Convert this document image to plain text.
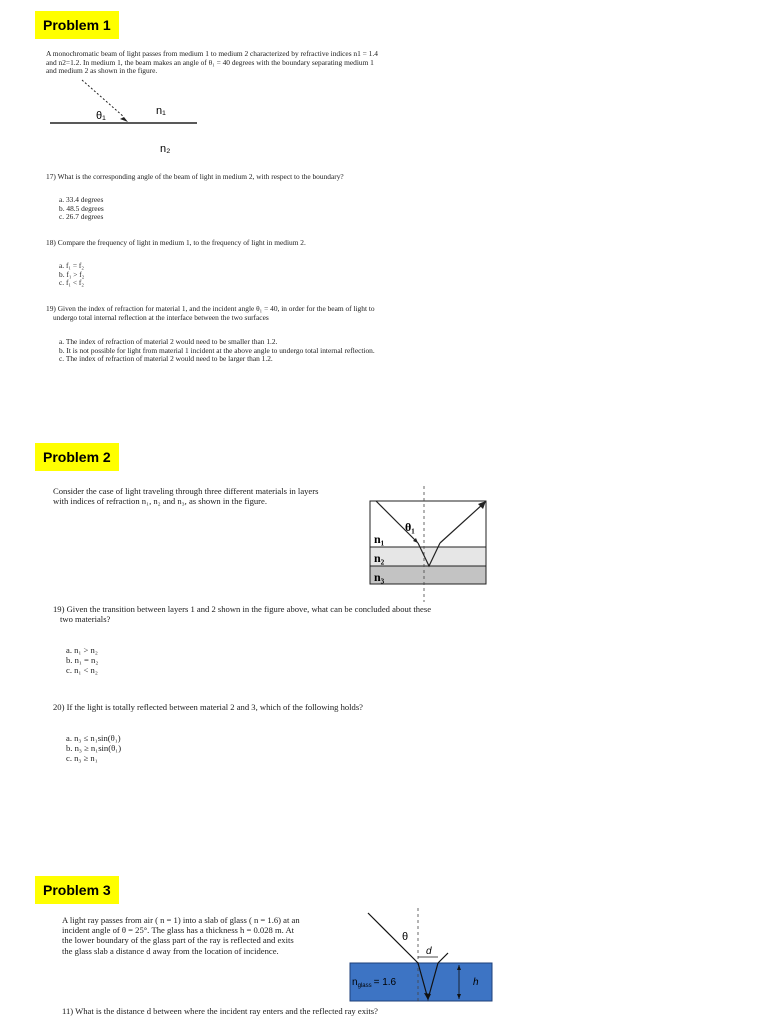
Problem 1
A monochromatic beam of light passes from medium 1 to medium 2 characterized by refractive indices n1 = 1.4
and n2=1.2. In medium 1, the beam makes an angle of θ₁ = 40 degrees with the boundary separating medium 1
and medium 2 as shown in the figure.
θ₁	n₁
n₂
17) What is the corresponding angle of the beam of light in medium 2, with respect to the boundary?
a. 33.4 degrees
b. 48.5 degrees
c. 26.7 degrees
18) Compare the frequency of light in medium 1, to the frequency of light in medium 2.
a. f₁ = f₂
b. f₁ > f₂
c. f₁ < f₂
19) Given the index of refraction for material 1, and the incident angle θ₁ = 40, in order for the beam of light to
undergo total internal reflection at the interface between the two surfaces
a. The index of refraction of material 2 would need to be smaller than 1.2.
b. It is not possible for light from material 1 incident at the above angle to undergo total internal reflection.
c. The index of refraction of material 2 would need to be larger than 1.2.
Problem 2
Consider the case of light traveling through three different materials in layers
with indices of refraction n₁, n₂ and n₃, as shown in the figure.
θ₁
n₁
n₂
n₃
19) Given the transition between layers 1 and 2 shown in the figure above, what can be concluded about these
two materials?
a. n₁ > n₂
b. n₁ = n₂
c. n₁ < n₂
20) If the light is totally reflected between material 2 and 3, which of the following holds?
a. n₃ ≤ n₁sin(θ₁)
b. n₃ ≥ n₁sin(θ₁)
c. n₃ ≥ n₁
Problem 3
A light ray passes from air ( n = 1) into a slab of glass ( n = 1.6) at an
incident angle of θ = 25°. The glass has a thickness h = 0.028 m. At
the lower boundary of the glass part of the ray is reflected and exits
the glass slab a distance d away from the location of incidence.
θ
d
h
$n_{glass} = 1.6$
11) What is the distance d between where the incident ray enters and the reflected ray exits?
